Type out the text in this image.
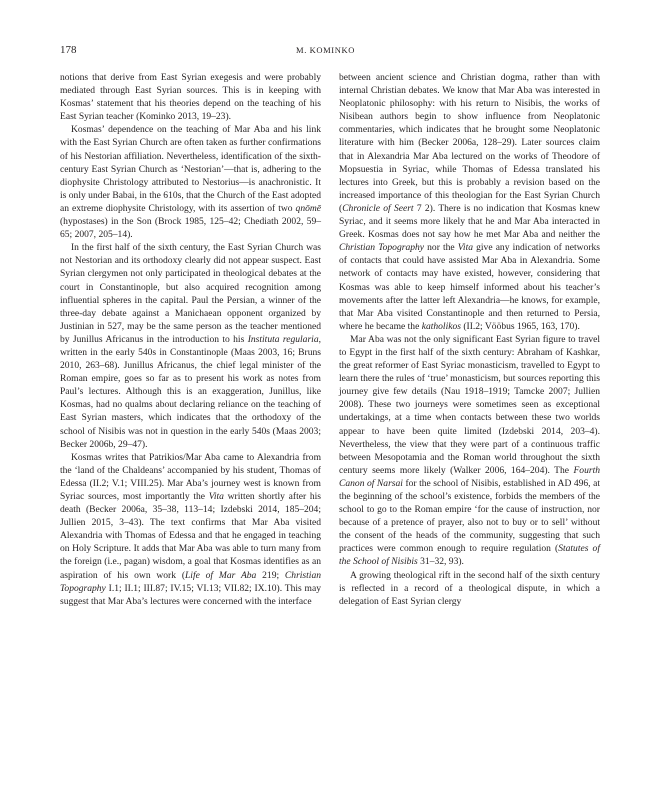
178	M. KOMINKO

notions that derive from East Syrian exegesis and were probably mediated through East Syrian sources. This is in keeping with Kosmas’ statement that his theories depend on the teaching of his East Syrian teacher (Kominko 2013, 19–23).

Kosmas’ dependence on the teaching of Mar Aba and his link with the East Syrian Church are often taken as further confirmations of his Nestorian affiliation. Nevertheless, identification of the sixth-century East Syrian Church as ‘Nestorian’—that is, adhering to the diophysite Christology attributed to Nestorius—is anachronistic. It is only under Babai, in the 610s, that the Church of the East adopted an extreme diophysite Christology, with its assertion of two qnōmē (hypostases) in the Son (Brock 1985, 125–42; Chediath 2002, 59–65; 2007, 205–14).

In the first half of the sixth century, the East Syrian Church was not Nestorian and its orthodoxy clearly did not appear suspect. East Syrian clergymen not only participated in theological debates at the court in Constantinople, but also acquired recognition among influential spheres in the capital. Paul the Persian, a winner of the three-day debate against a Manichaean opponent organized by Justinian in 527, may be the same person as the teacher mentioned by Junillus Africanus in the introduction to his Instituta regularia, written in the early 540s in Constantinople (Maas 2003, 16; Bruns 2010, 263–68). Junillus Africanus, the chief legal minister of the Roman empire, goes so far as to present his work as notes from Paul’s lectures. Although this is an exaggeration, Junillus, like Kosmas, had no qualms about declaring reliance on the teaching of East Syrian masters, which indicates that the orthodoxy of the school of Nisibis was not in question in the early 540s (Maas 2003; Becker 2006b, 29–47).

Kosmas writes that Patrikios/Mar Aba came to Alexandria from the ‘land of the Chaldeans’ accompanied by his student, Thomas of Edessa (II.2; V.1; VIII.25). Mar Aba’s journey west is known from Syriac sources, most importantly the Vita written shortly after his death (Becker 2006a, 35–38, 113–14; Izdebski 2014, 185–204; Jullien 2015, 3–43). The text confirms that Mar Aba visited Alexandria with Thomas of Edessa and that he engaged in teaching on Holy Scripture. It adds that Mar Aba was able to turn many from the foreign (i.e., pagan) wisdom, a goal that Kosmas identifies as an aspiration of his own work (Life of Mar Aba 219; Christian Topography I.1; II.1; III.87; IV.15; VI.13; VII.82; IX.10). This may suggest that Mar Aba’s lectures were concerned with the interface

between ancient science and Christian dogma, rather than with internal Christian debates. We know that Mar Aba was interested in Neoplatonic philosophy: with his return to Nisibis, the works of Nisibean authors begin to show influence from Neoplatonic commentaries, which indicates that he brought some Neoplatonic literature with him (Becker 2006a, 128–29). Later sources claim that in Alexandria Mar Aba lectured on the works of Theodore of Mopsuestia in Syriac, while Thomas of Edessa translated his lectures into Greek, but this is probably a revision based on the increased importance of this theologian for the East Syrian Church (Chronicle of Seert 7 2). There is no indication that Kosmas knew Syriac, and it seems more likely that he and Mar Aba interacted in Greek. Kosmas does not say how he met Mar Aba and neither the Christian Topography nor the Vita give any indication of networks of contacts that could have assisted Mar Aba in Alexandria. Some network of contacts may have existed, however, considering that Kosmas was able to keep himself informed about his teacher’s movements after the latter left Alexandria—he knows, for example, that Mar Aba visited Constantinople and then returned to Persia, where he became the katholikos (II.2; Vööbus 1965, 163, 170).

Mar Aba was not the only significant East Syrian figure to travel to Egypt in the first half of the sixth century: Abraham of Kashkar, the great reformer of East Syriac monasticism, travelled to Egypt to learn there the rules of ‘true’ monasticism, but sources reporting this journey give few details (Nau 1918–1919; Tamcke 2007; Jullien 2008). These two journeys were sometimes seen as exceptional undertakings, at a time when contacts between these two worlds appear to have been quite limited (Izdebski 2014, 203–4). Nevertheless, the view that they were part of a continuous traffic between Mesopotamia and the Roman world throughout the sixth century seems more likely (Walker 2006, 164–204). The Fourth Canon of Narsai for the school of Nisibis, established in AD 496, at the beginning of the school’s existence, forbids the members of the school to go to the Roman empire ‘for the cause of instruction, nor because of a pretence of prayer, also not to buy or to sell’ without the consent of the heads of the community, suggesting that such practices were common enough to require regulation (Statutes of the School of Nisibis 31–32, 93).

A growing theological rift in the second half of the sixth century is reflected in a record of a theological dispute, in which a delegation of East Syrian clergy
